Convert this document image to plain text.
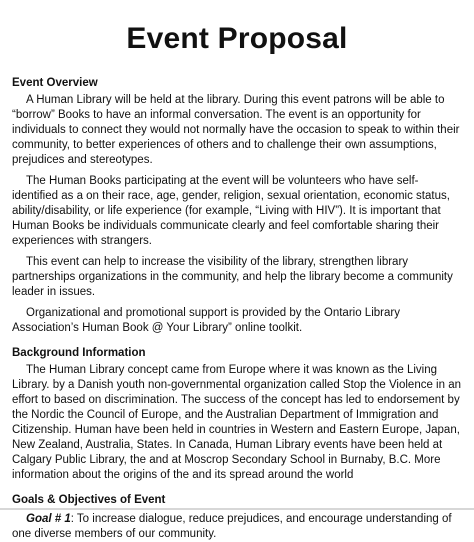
Event Proposal
Event Overview

A Human Library will be held at the library. During this event patrons will be able to “borrow” Books to have an informal conversation. The event is an opportunity for individuals to connect they would not normally have the occasion to speak to within their community, to better experiences of others and to challenge their own assumptions, prejudices and stereotypes.

The Human Books participating at the event will be volunteers who have self-identified as a on their race, age, gender, religion, sexual orientation, economic status, ability/disability, or life experience (for example, “Living with HIV”). It is important that Human Books be individuals communicate clearly and feel comfortable sharing their experiences with strangers.

This event can help to increase the visibility of the library, strengthen library partnerships organizations in the community, and help the library become a community leader in issues.

Organizational and promotional support is provided by the Ontario Library Association’s Human Book @ Your Library” online toolkit.

Background Information

The Human Library concept came from Europe where it was known as the Living Library. by a Danish youth non-governmental organization called Stop the Violence in an effort to based on discrimination. The success of the concept has led to endorsement by the Nordic the Council of Europe, and the Australian Department of Immigration and Citizenship. Human have been held in countries in Western and Eastern Europe, Japan, New Zealand, Australia, States. In Canada, Human Library events have been held at Calgary Public Library, the and at Moscrop Secondary School in Burnaby, B.C. More information about the origins of the and its spread around the world

Goals & Objectives of Event

Goal # 1: To increase dialogue, reduce prejudices, and encourage understanding of one diverse members of our community.
